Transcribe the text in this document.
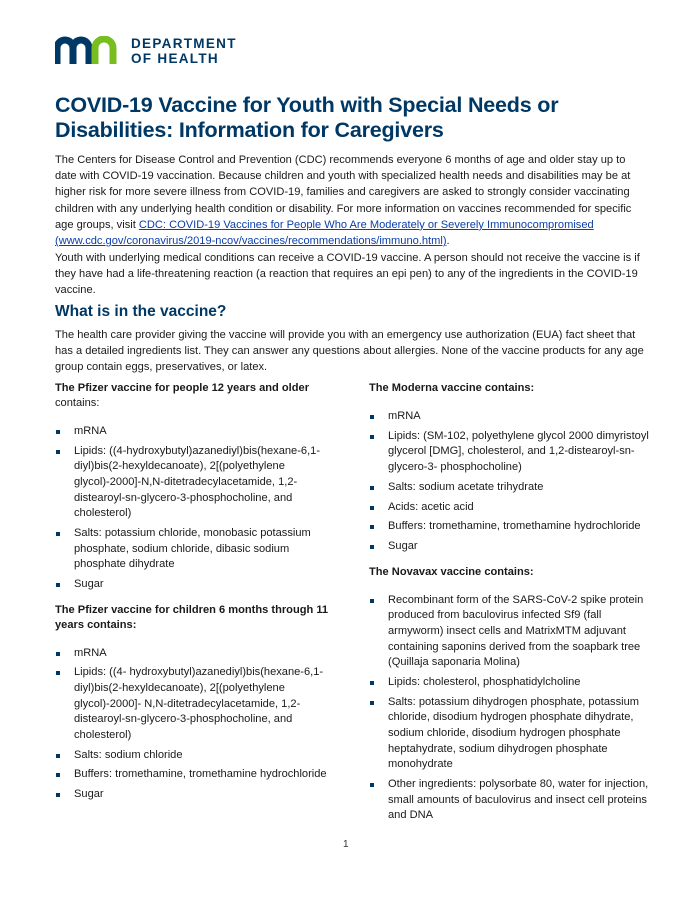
DEPARTMENT
OF HEALTH
COVID-19 Vaccine for Youth with Special Needs or
Disabilities: Information for Caregivers

The Centers for Disease Control and Prevention (CDC) recommends everyone 6 months of age and older stay up to date with COVID-19 vaccination. Because children and youth with specialized health needs and disabilities may be at higher risk for more severe illness from COVID-19, families and caregivers are asked to strongly consider vaccinating children with any underlying health condition or disability. For more information on vaccines recommended for specific age groups, visit CDC: COVID-19 Vaccines for People Who Are Moderately or Severely Immunocompromised (www.cdc.gov/coronavirus/2019-ncov/vaccines/recommendations/immuno.html).

Youth with underlying medical conditions can receive a COVID-19 vaccine. A person should not receive the vaccine is if they have had a life-threatening reaction (a reaction that requires an epi pen) to any of the ingredients in the COVID-19 vaccine.

What is in the vaccine?

The health care provider giving the vaccine will provide you with an emergency use authorization (EUA) fact sheet that has a detailed ingredients list. They can answer any questions about allergies. None of the vaccine products for any age group contain eggs, preservatives, or latex.

The Pfizer vaccine for people 12 years and older
contains:

mRNA
Lipids: ((4-hydroxybutyl)azanediyl)bis(hexane-6,1-diyl)bis(2-hexyldecanoate), 2[(polyethylene glycol)-2000]-N,N-ditetradecylacetamide, 1,2-distearoyl-sn-glycero-3-phosphocholine, and cholesterol)
Salts: potassium chloride, monobasic potassium phosphate, sodium chloride, dibasic sodium phosphate dihydrate
Sugar

The Pfizer vaccine for children 6 months through 11 years contains:

mRNA
Lipids: ((4- hydroxybutyl)azanediyl)bis(hexane-6,1-diyl)bis(2-hexyldecanoate), 2[(polyethylene glycol)-2000]- N,N-ditetradecylacetamide, 1,2-distearoyl-sn-glycero-3-phosphocholine, and cholesterol)
Salts: sodium chloride
Buffers: tromethamine, tromethamine hydrochloride
Sugar

The Moderna vaccine contains:

mRNA
Lipids: (SM-102, polyethylene glycol 2000 dimyristoyl glycerol [DMG], cholesterol, and 1,2-distearoyl-sn-glycero-3- phosphocholine)
Salts: sodium acetate trihydrate
Acids: acetic acid
Buffers: tromethamine, tromethamine hydrochloride
Sugar

The Novavax vaccine contains:

Recombinant form of the SARS-CoV-2 spike protein produced from baculovirus infected Sf9 (fall armyworm) insect cells and MatrixMTM adjuvant containing saponins derived from the soapbark tree (Quillaja saponaria Molina)
Lipids: cholesterol, phosphatidylcholine
Salts: potassium dihydrogen phosphate, potassium chloride, disodium hydrogen phosphate dihydrate, sodium chloride, disodium hydrogen phosphate heptahydrate, sodium dihydrogen phosphate monohydrate
Other ingredients: polysorbate 80, water for injection, small amounts of baculovirus and insect cell proteins and DNA
1
